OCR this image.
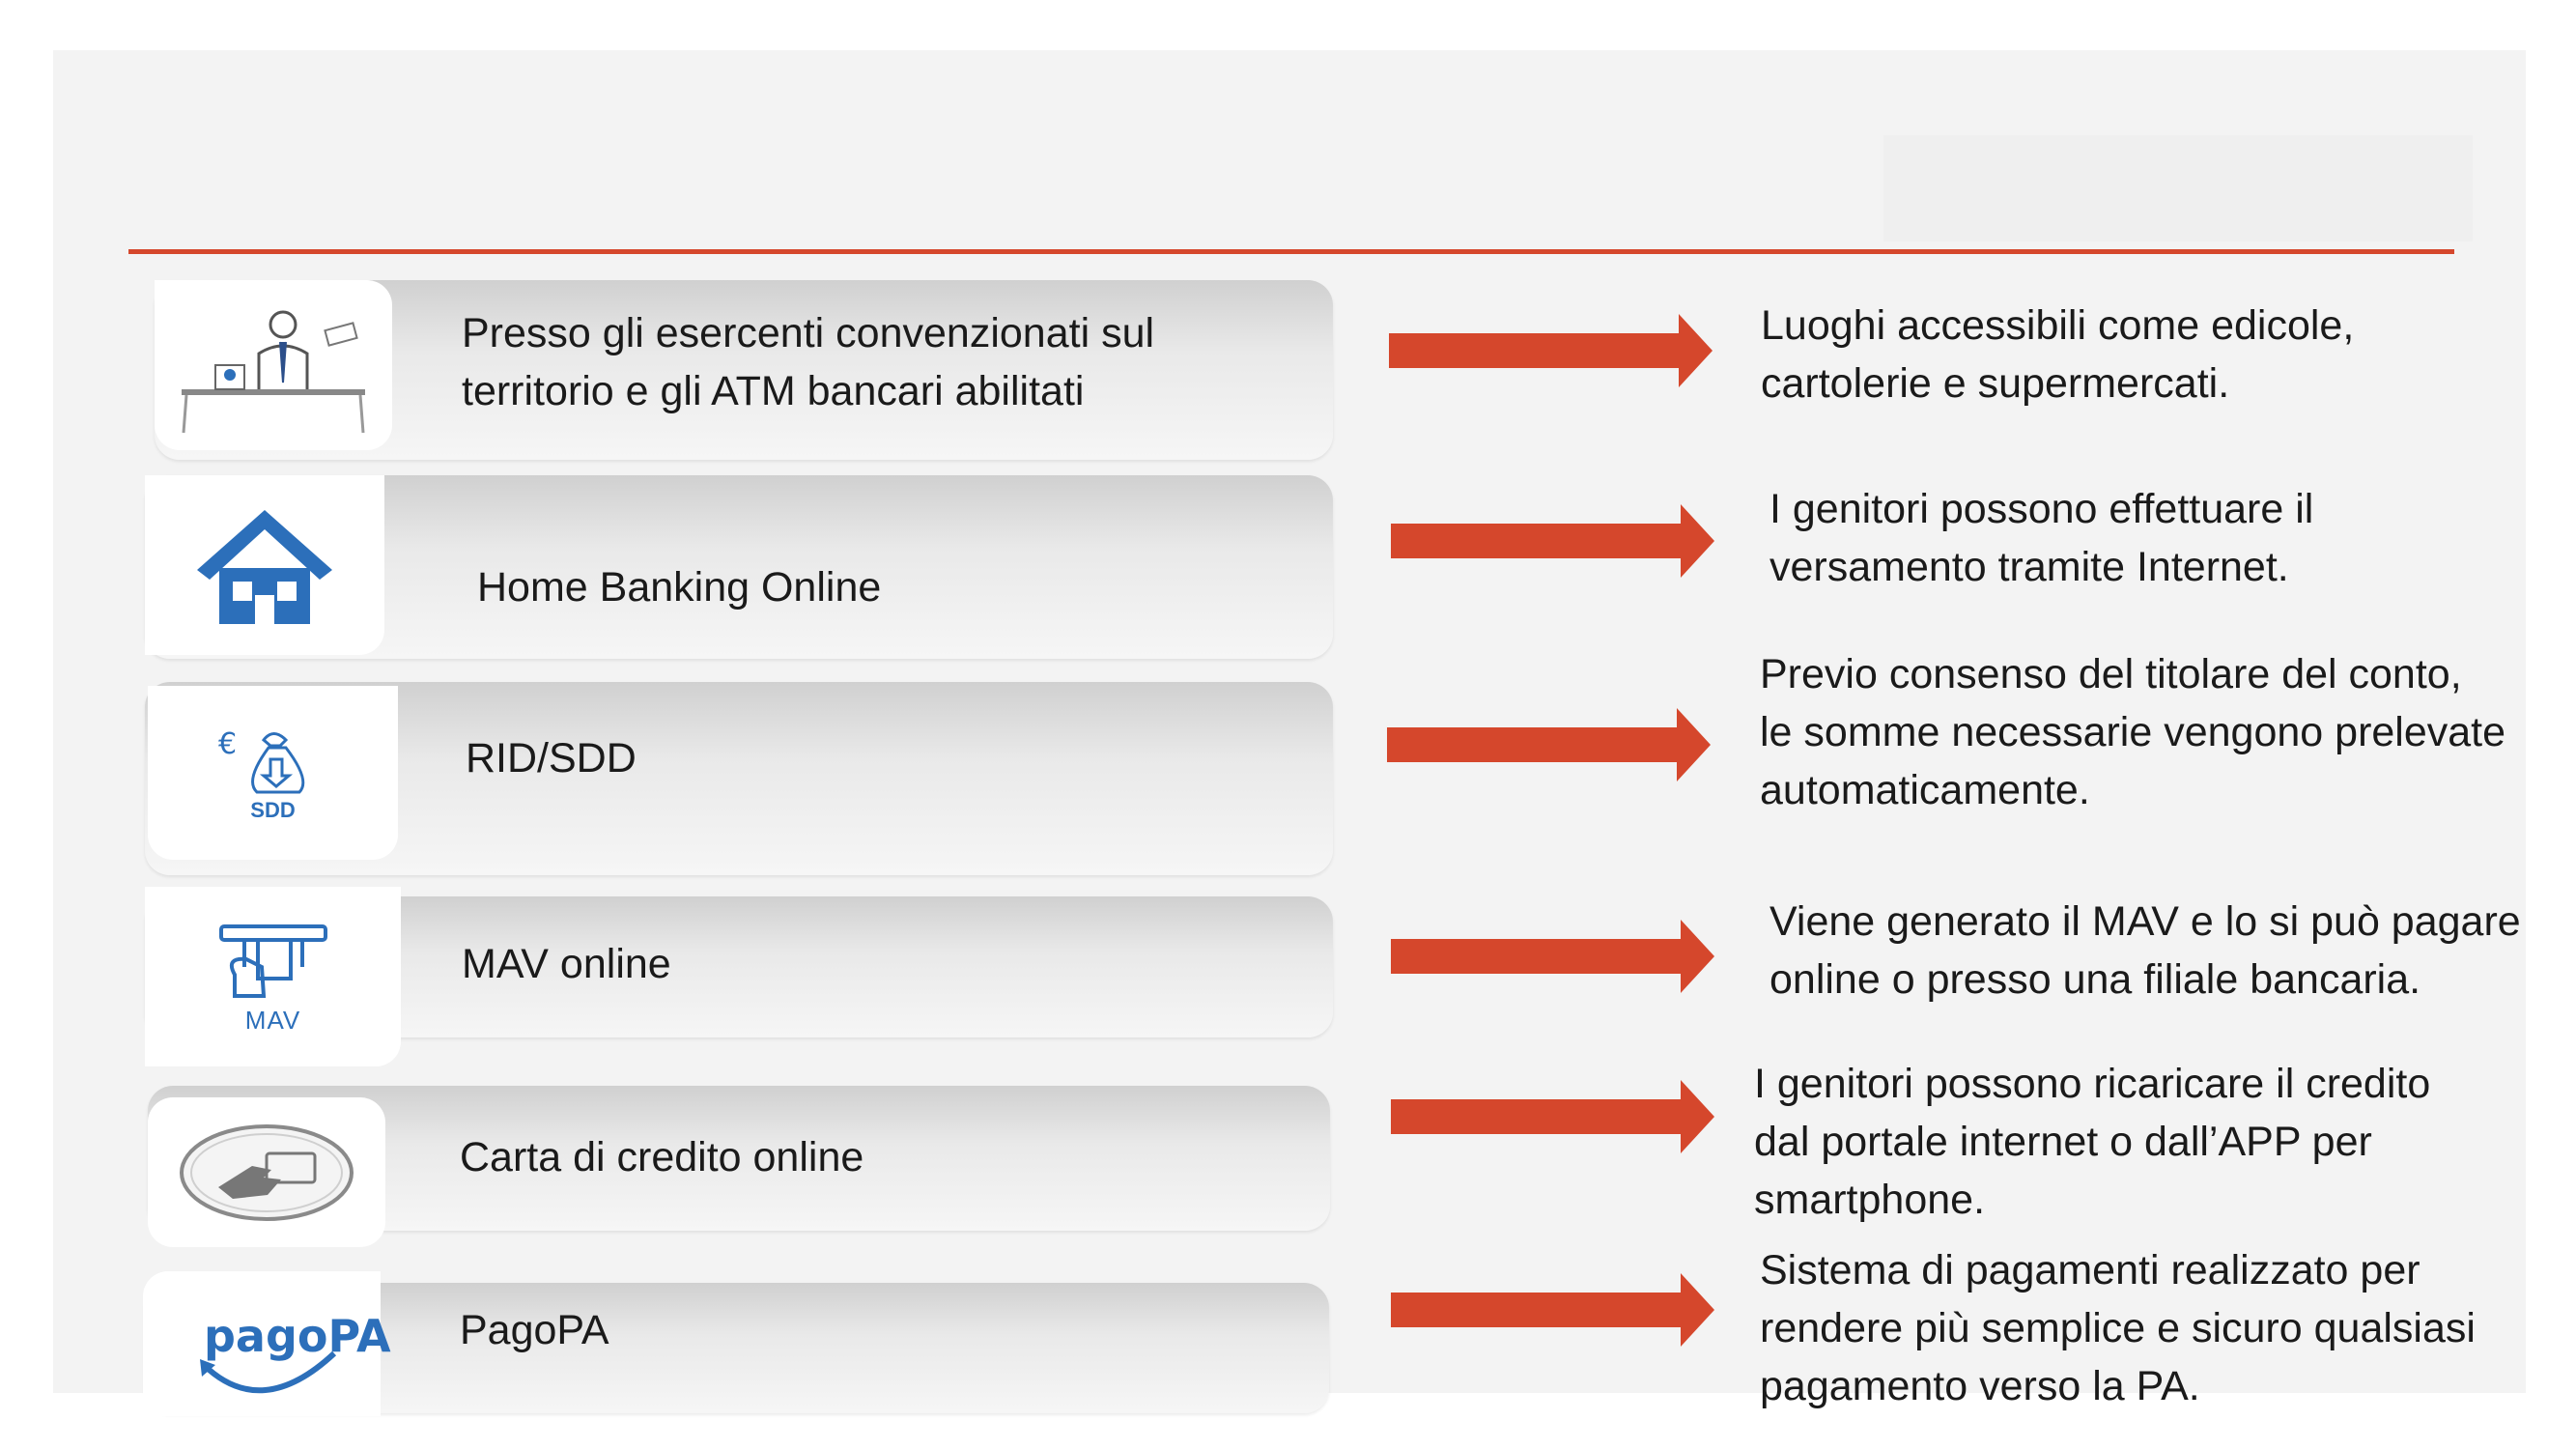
Presso gli esercenti convenzionati sul
territorio e gli ATM bancari abilitati
Luoghi accessibili come edicole,
cartolerie e supermercati.
Home Banking Online
I genitori possono effettuare il
versamento tramite Internet.
€
SDD
RID/SDD
Previo consenso del titolare del conto,
le somme necessarie vengono prelevate
automaticamente.
MAV
MAV online
Viene generato il MAV e lo si può pagare
online o presso una filiale bancaria.
Carta di credito online
I genitori possono ricaricare il credito
dal portale internet o dall’APP per
smartphone.
pagoPA PagoPA
Sistema di pagamenti realizzato per
rendere più semplice e sicuro qualsiasi
pagamento verso la PA.
